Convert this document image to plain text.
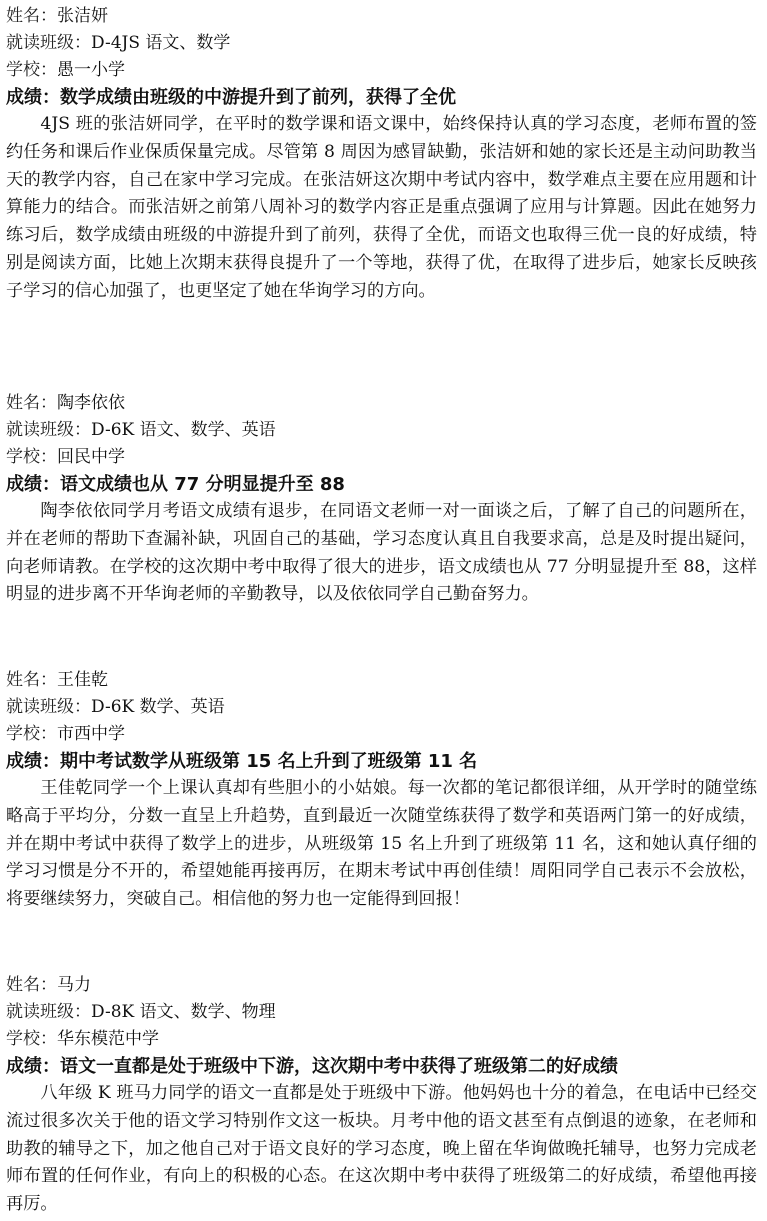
姓名：张洁妍
就读班级：D-4JS 语文、数学
学校：愚一小学
成绩：数学成绩由班级的中游提升到了前列，获得了全优

4JS 班的张洁妍同学，在平时的数学课和语文课中，始终保持认真的学习态度，老师布置的签约任务和课后作业保质保量完成。尽管第 8 周因为感冒缺勤，张洁妍和她的家长还是主动问助教当天的教学内容，自己在家中学习完成。在张洁妍这次期中考试内容中，数学难点主要在应用题和计算能力的结合。而张洁妍之前第八周补习的数学内容正是重点强调了应用与计算题。因此在她努力练习后，数学成绩由班级的中游提升到了前列，获得了全优，而语文也取得三优一良的好成绩，特别是阅读方面，比她上次期末获得良提升了一个等地，获得了优，在取得了进步后，她家长反映孩子学习的信心加强了，也更坚定了她在华询学习的方向。

姓名：陶李依依
就读班级：D-6K 语文、数学、英语
学校：回民中学
成绩：语文成绩也从 77 分明显提升至 88

陶李依依同学月考语文成绩有退步，在同语文老师一对一面谈之后，了解了自己的问题所在，并在老师的帮助下查漏补缺，巩固自己的基础，学习态度认真且自我要求高，总是及时提出疑问，向老师请教。在学校的这次期中考中取得了很大的进步，语文成绩也从 77 分明显提升至 88，这样明显的进步离不开华询老师的辛勤教导，以及依依同学自己勤奋努力。

姓名：王佳乾
就读班级：D-6K 数学、英语
学校：市西中学
成绩：期中考试数学从班级第 15 名上升到了班级第 11 名

王佳乾同学一个上课认真却有些胆小的小姑娘。每一次都的笔记都很详细，从开学时的随堂练略高于平均分，分数一直呈上升趋势，直到最近一次随堂练获得了数学和英语两门第一的好成绩，并在期中考试中获得了数学上的进步，从班级第 15 名上升到了班级第 11 名，这和她认真仔细的学习习惯是分不开的，希望她能再接再厉，在期末考试中再创佳绩！周阳同学自己表示不会放松，将要继续努力，突破自己。相信他的努力也一定能得到回报！

姓名：马力
就读班级：D-8K 语文、数学、物理
学校：华东模范中学
成绩：语文一直都是处于班级中下游，这次期中考中获得了班级第二的好成绩

八年级 K 班马力同学的语文一直都是处于班级中下游。他妈妈也十分的着急，在电话中已经交流过很多次关于他的语文学习特别作文这一板块。月考中他的语文甚至有点倒退的迹象，在老师和助教的辅导之下，加之他自己对于语文良好的学习态度，晚上留在华询做晚托辅导，也努力完成老师布置的任何作业，有向上的积极的心态。在这次期中考中获得了班级第二的好成绩，希望他再接再厉。
